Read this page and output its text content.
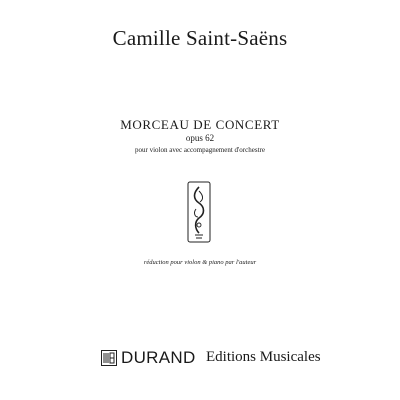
Camille Saint-Saëns
MORCEAU DE CONCERT
opus 62
pour violon avec accompagnement d'orchestre
réduction pour violon & piano par l'auteur
DURAND Editions Musicales
